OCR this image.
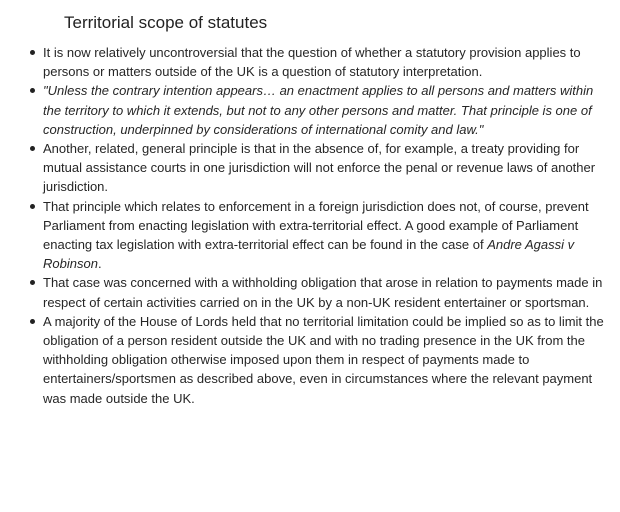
Territorial scope of statutes
It is now relatively uncontroversial that the question of whether a statutory provision applies to persons or matters outside of the UK is a question of statutory interpretation.
"Unless the contrary intention appears… an enactment applies to all persons and matters within the territory to which it extends, but not to any other persons and matter. That principle is one of construction, underpinned by considerations of international comity and law."
Another, related, general principle is that in the absence of, for example, a treaty providing for mutual assistance courts in one jurisdiction will not enforce the penal or revenue laws of another jurisdiction.
That principle which relates to enforcement in a foreign jurisdiction does not, of course, prevent Parliament from enacting legislation with extra-territorial effect. A good example of Parliament enacting tax legislation with extra-territorial effect can be found in the case of Andre Agassi v Robinson.
That case was concerned with a withholding obligation that arose in relation to payments made in respect of certain activities carried on in the UK by a non-UK resident entertainer or sportsman.
A majority of the House of Lords held that no territorial limitation could be implied so as to limit the obligation of a person resident outside the UK and with no trading presence in the UK from the withholding obligation otherwise imposed upon them in respect of payments made to entertainers/sportsmen as described above, even in circumstances where the relevant payment was made outside the UK.
